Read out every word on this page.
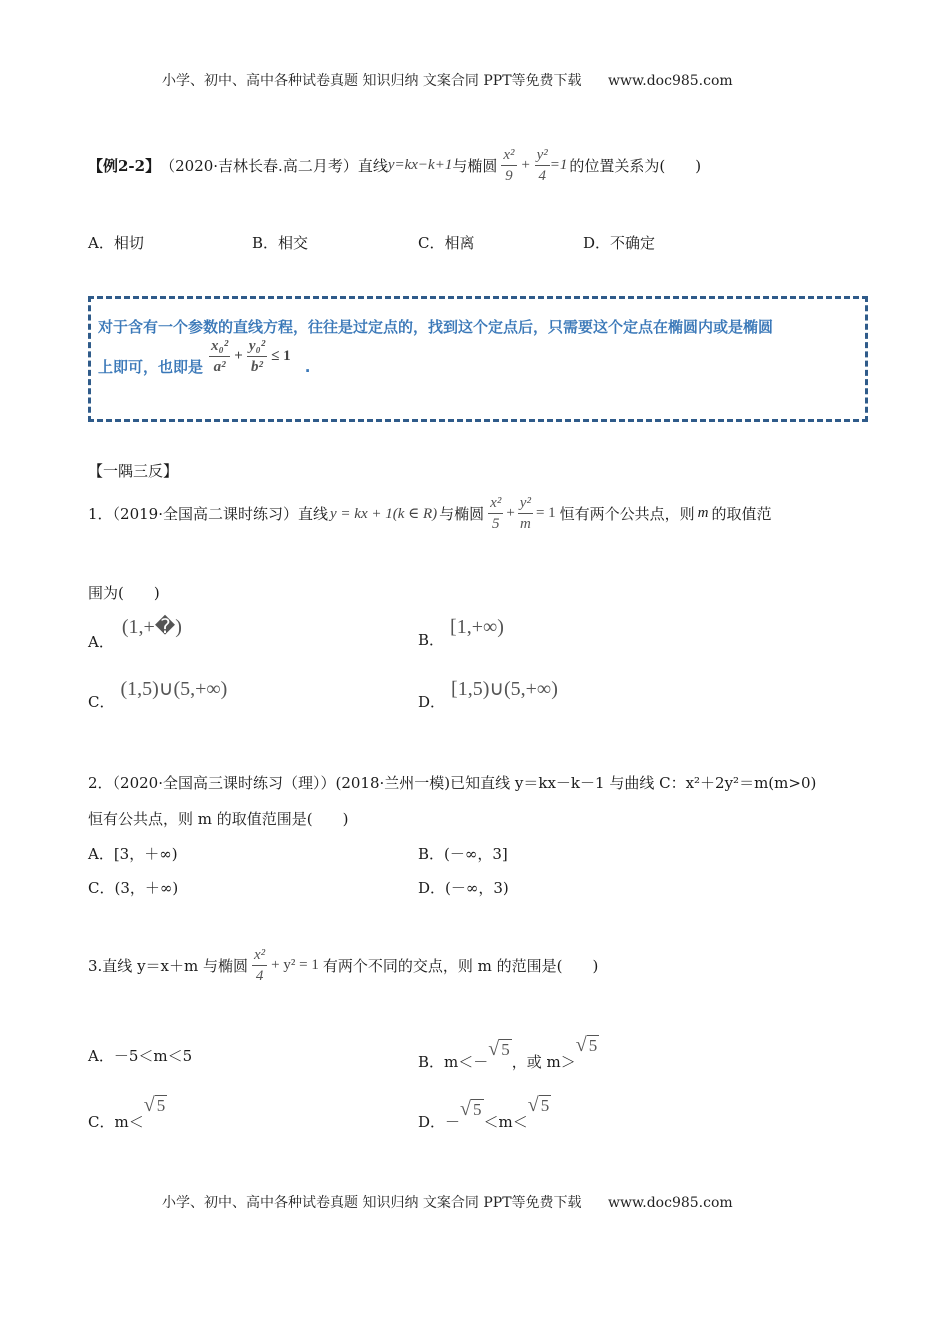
小学、初中、高中各种试卷真题 知识归纳 文案合同 PPT等免费下载 www.doc985.com
【例2-2】 （2020·吉林长春.高二月考）直线 y=kx−k+1 与椭圆 $\frac{\text{x²}}{9} + \frac{\text{y²}}{4} =1$ 的位置关系为(　　)
A．相切	B．相交	C．相离	D．不确定
对于含有一个参数的直线方程，往往是过定点的，找到这个定点后，只需要这个定点在椭圆内或是椭圆
上即可，也即是 $\frac{\text{x₀²}}{\text{a²}} + \frac{\text{y₀²}}{\text{b²}} \le 1$
.
【一隅三反】
1．（2019·全国高二课时练习）直线 y = kx + 1(k ∈ R) 与椭圆 $\frac{\text{x²}}{5} + \frac{\text{y²}}{m} = 1$ 恒有两个公共点，则 m 的取值范
围为(　　)
A．(1,+�)
B．[1,+∞)
C．(1,5)∪(5,+∞)
D．[1,5)∪(5,+∞)
2．（2020·全国高三课时练习（理））(2018·兰州一模)已知直线 y＝kx－k－1 与曲线 C：x²＋2y²＝m(m>0)
恒有公共点，则 m 的取值范围是(　　)
A．[3，＋∞)	B．(－∞，3]
C．(3，＋∞)	D．(－∞，3)
3.直线 y＝x＋m 与椭圆 $\frac{\text{x²}}{4} + y^2 = 1$ 有两个不同的交点，则 m 的范围是(　　)
A．－5＜m＜5	B．m＜－√ 5，或 m＞√ 5
C．m＜√ 5
D．－√ 5＜m＜√ 5
小学、初中、高中各种试卷真题 知识归纳 文案合同 PPT等免费下载 www.doc985.com
